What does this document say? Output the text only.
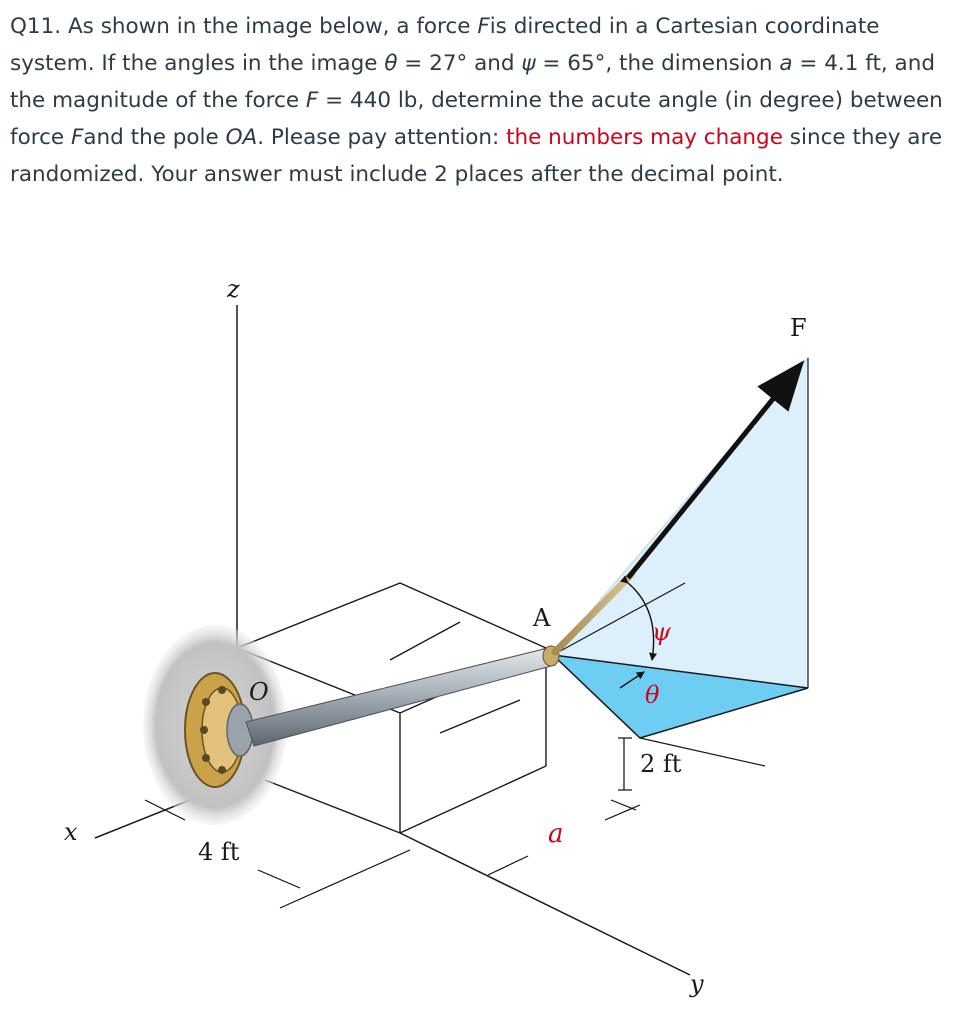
Q11. As shown in the image below, a force Fis directed in a Cartesian coordinate system. If the angles in the image θ = 27° and ψ = 65°, the dimension a = 4.1 ft, and the magnitude of the force F = 440 lb, determine the acute angle (in degree) between force Fand the pole OA. Please pay attention: the numbers may change since they are randomized. Your answer must include 2 places after the decimal point.

z
x
y
F
O
A	ψ
θ
2 ft
a
4 ft
